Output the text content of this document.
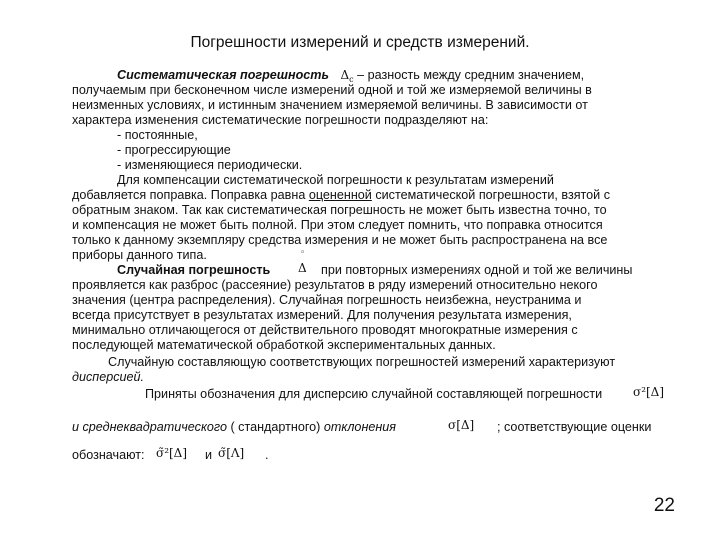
Погрешности измерений и средств измерений.
Систематическая погрешность Δс – разность между средним значением,
получаемым при бесконечном числе измерений одной и той же измеряемой величины в
неизменных условиях, и истинным значением измеряемой величины. В зависимости от
характера изменения систематические погрешности подразделяют на:
- постоянные,
- прогрессирующие
- изменяющиеся периодически.
Для компенсации систематической погрешности к результатам измерений
добавляется поправка. Поправка равна оцененной систематической погрешности, взятой с
обратным знаком. Так как систематическая погрешность не может быть известна точно, то
и компенсация не может быть полной. При этом следует помнить, что поправка относится
только к данному экземпляру средства измерения и не может быть распространена на все
приборы данного типа.
Случайная погрешность
◦
Δ при повторных измерениях одной и той же величины
проявляется как разброс (рассеяние) результатов в ряду измерений относительно некого
значения (центра распределения). Случайная погрешность неизбежна, неустранима и
всегда присутствует в результатах измерений. Для получения результата измерения,
минимально отличающегося от действительного проводят многократные измерения с
последующей математической обработкой экспериментальных данных.
Случайную составляющую соответствующих погрешностей измерений характеризуют
дисперсией.
Приняты обозначения для дисперсию случайной составляющей погрешности	σ²[Δ]
и среднеквадратического ( стандартного) отклонения	σ[Δ] ; соответствующие оценки
обозначают: σ̃²[Δ] и σ̃[Λ] .
22
